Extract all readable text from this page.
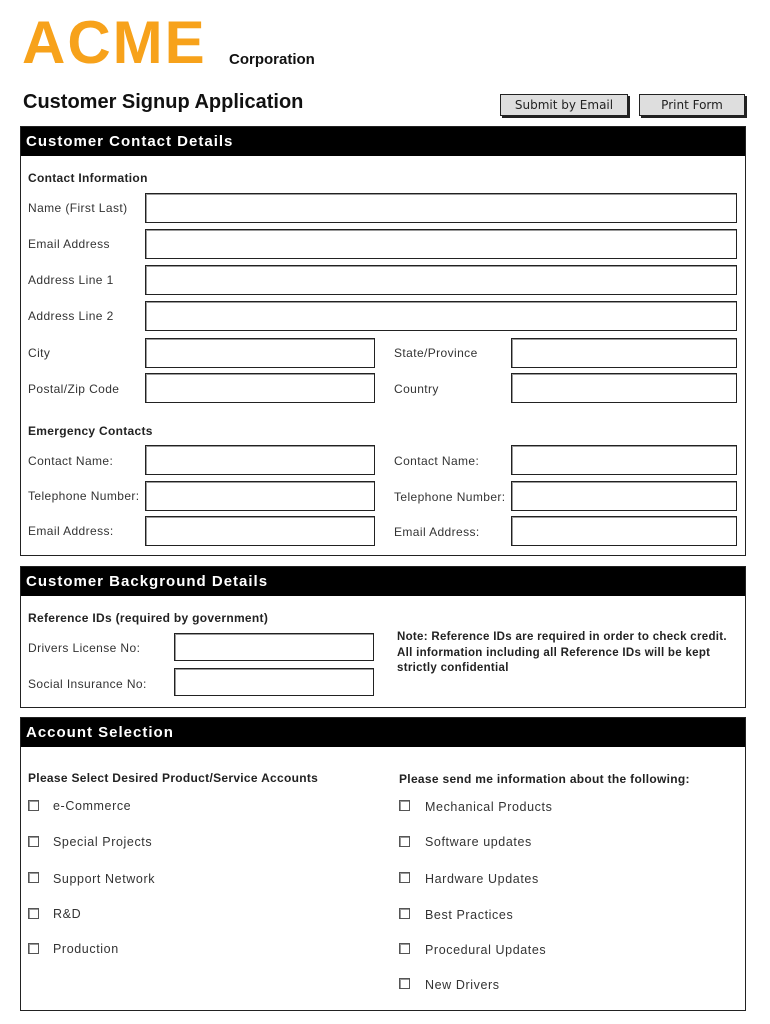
ACME Corporation
Customer Signup Application	Submit by Email	Print Form
Customer Contact Details
Contact Information
Name (First Last)
Email Address
Address Line 1
Address Line 2
City	State/Province
Postal/Zip Code	Country
Emergency Contacts
Contact Name:	Contact Name:
Telephone Number:	Telephone Number:
Email Address:	Email Address:
Customer Background Details
Reference IDs (required by government)
Drivers License No:
Social Insurance No:
Note: Reference IDs are required in order to check credit. All information including all Reference IDs will be kept strictly confidential
Account Selection
Please Select Desired Product/Service Accounts	Please send me information about the following:
e-Commerce
Special Projects
Support Network
R&D
Production
Mechanical Products
Software updates
Hardware Updates
Best Practices
Procedural Updates
New Drivers
